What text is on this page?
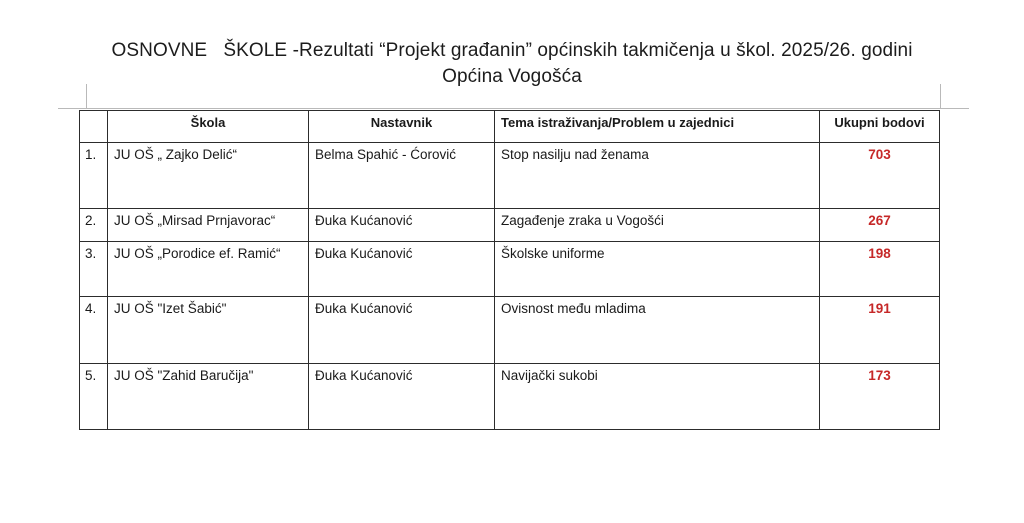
OSNOVNE   ŠKOLE -Rezultati “Projekt građanin” općinskih takmičenja u škol. 2025/26. godini
Općina Vogošća
	Škola	Nastavnik	Tema istraživanja/Problem u zajednici	Ukupni bodovi
1.	JU OŠ „ Zajko Delić“	Belma Spahić - Ćorović	Stop nasilju nad ženama	703
2.	JU OŠ „Mirsad Prnjavorac“	Đuka Kućanović	Zagađenje zraka u Vogošći	267
3.	JU OŠ „Porodice ef. Ramić“	Đuka Kućanović	Školske uniforme	198
4.	JU OŠ "Izet Šabić"	Đuka Kućanović	Ovisnost među mladima	191
5.	JU OŠ "Zahid Baručija"	Đuka Kućanović	Navijački sukobi	173
